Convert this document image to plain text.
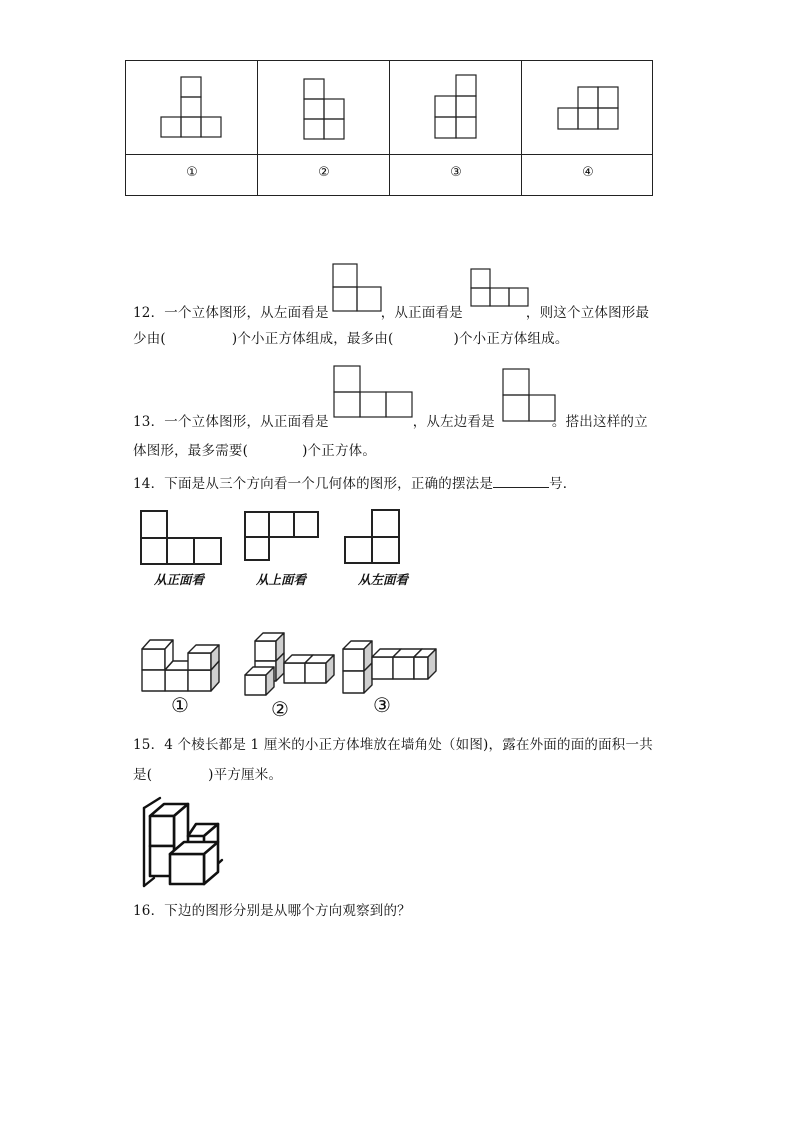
①	②	③	④
12．一个立体图形，从左面看是	，从正面看是	，则这个立体图形最
少由(	)个小正方体组成，最多由(	)个小正方体组成。
13．一个立体图形，从正面看是	，从左边看是	。搭出这样的立
体图形，最多需要(	)个正方体。
14．下面是从三个方向看一个几何体的图形，正确的摆法是	号．
从正面看	从上面看	从左面看
①	②	③
15．4 个棱长都是 1 厘米的小正方体堆放在墙角处（如图)，露在外面的面的面积一共
是(	)平方厘米。
16．下边的图形分别是从哪个方向观察到的？
